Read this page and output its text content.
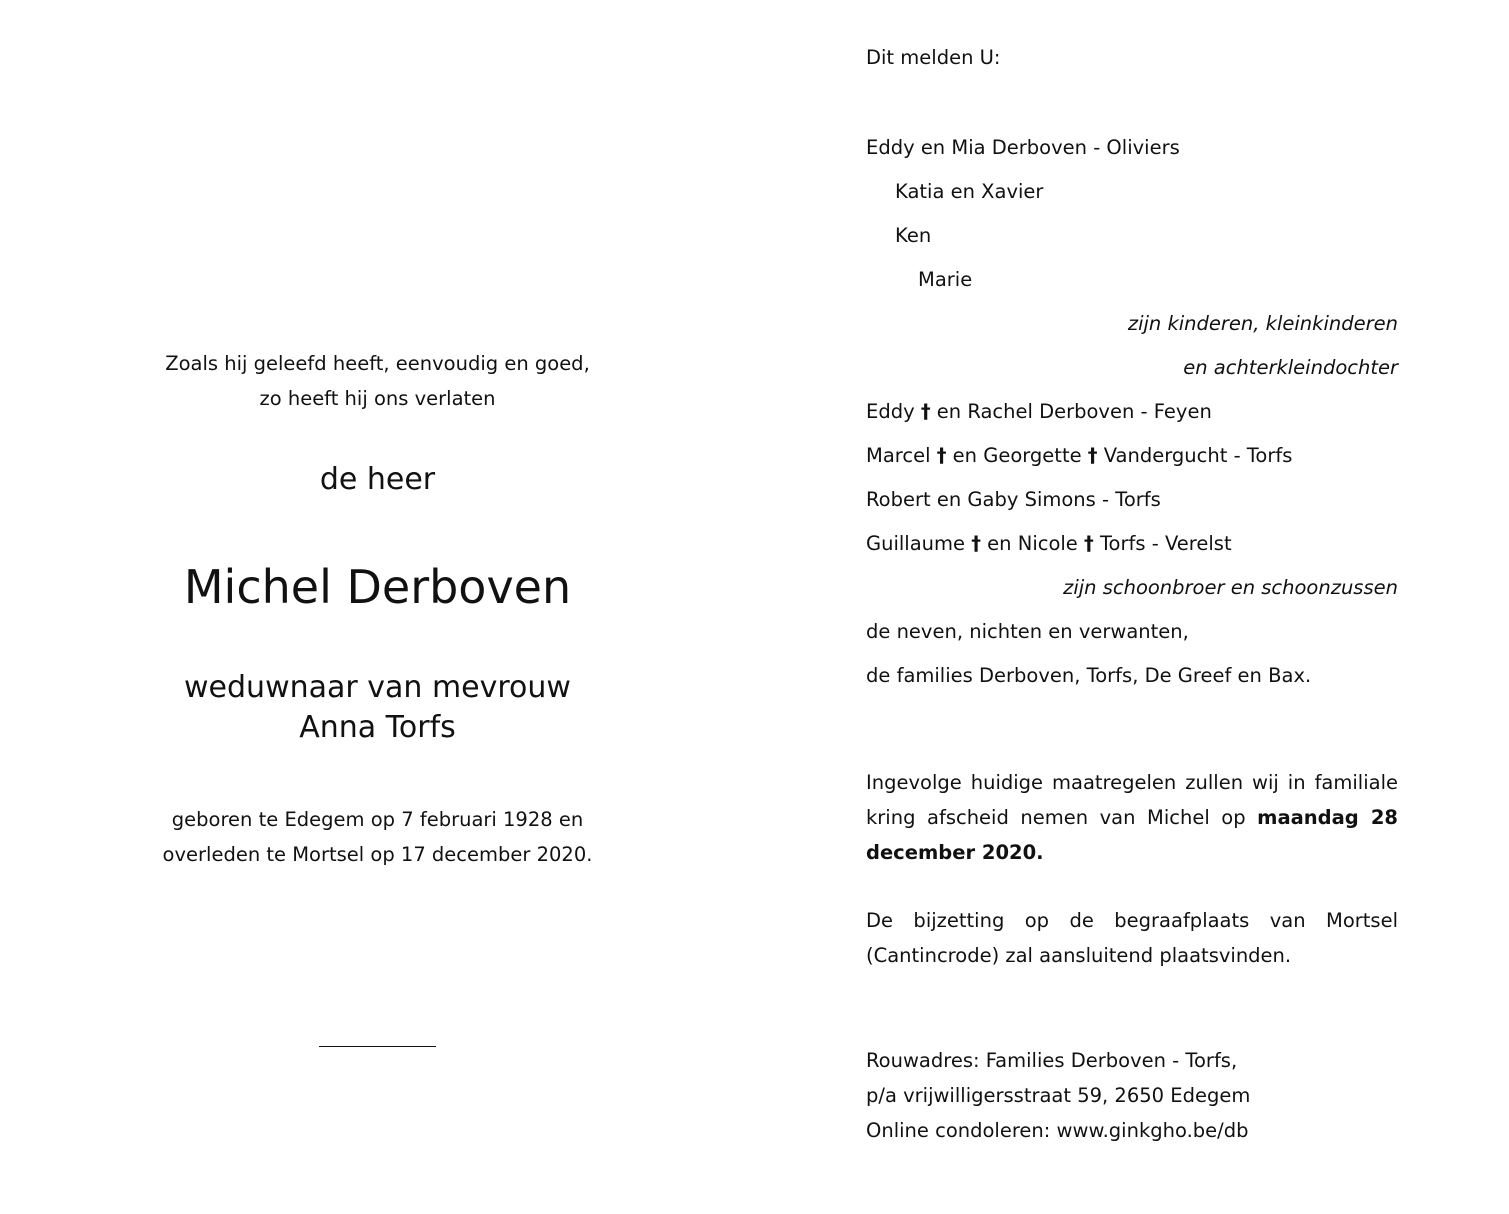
Zoals hij geleefd heeft, eenvoudig en goed,
zo heeft hij ons verlaten
de heer
Michel Derboven
weduwnaar van mevrouw
Anna Torfs
geboren te Edegem op 7 februari 1928 en
overleden te Mortsel op 17 december 2020.
Dit melden U:
Eddy en Mia Derboven - Oliviers
Katia en Xavier
Ken
Marie
zijn kinderen, kleinkinderen
en achterkleindochter
Eddy † en Rachel Derboven - Feyen
Marcel † en Georgette † Vandergucht - Torfs
Robert en Gaby Simons - Torfs
Guillaume † en Nicole † Torfs - Verelst
zijn schoonbroer en schoonzussen
de neven, nichten en verwanten,
de families Derboven, Torfs, De Greef en Bax.
Ingevolge huidige maatregelen zullen wij in familiale kring afscheid nemen van Michel op maandag 28 december 2020.
De bijzetting op de begraafplaats van Mortsel (Cantincrode) zal aansluitend plaatsvinden.
Rouwadres: Families Derboven - Torfs,
p/a vrijwilligersstraat 59, 2650 Edegem
Online condoleren: www.ginkgho.be/db
